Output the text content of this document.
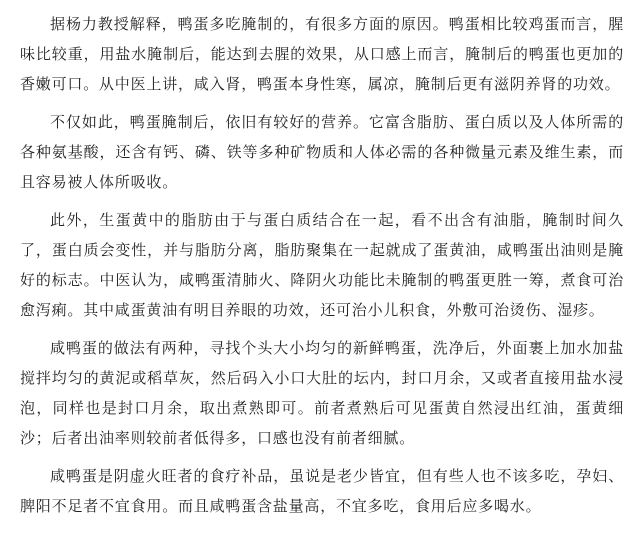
据杨力教授解释，鸭蛋多吃腌制的，有很多方面的原因。鸭蛋相比较鸡蛋而言，腥味比较重，用盐水腌制后，能达到去腥的效果，从口感上而言，腌制后的鸭蛋也更加的香嫩可口。从中医上讲，咸入肾，鸭蛋本身性寒，属凉，腌制后更有滋阴养肾的功效。

不仅如此，鸭蛋腌制后，依旧有较好的营养。它富含脂肪、蛋白质以及人体所需的各种氨基酸，还含有钙、磷、铁等多种矿物质和人体必需的各种微量元素及维生素，而且容易被人体所吸收。

此外，生蛋黄中的脂肪由于与蛋白质结合在一起，看不出含有油脂，腌制时间久了，蛋白质会变性，并与脂肪分离，脂肪聚集在一起就成了蛋黄油，咸鸭蛋出油则是腌好的标志。中医认为，咸鸭蛋清肺火、降阴火功能比未腌制的鸭蛋更胜一筹，煮食可治愈泻痢。其中咸蛋黄油有明目养眼的功效，还可治小儿积食，外敷可治烫伤、湿疹。

咸鸭蛋的做法有两种，寻找个头大小均匀的新鲜鸭蛋，洗净后，外面裹上加水加盐搅拌均匀的黄泥或稻草灰，然后码入小口大肚的坛内，封口月余，又或者直接用盐水浸泡，同样也是封口月余，取出煮熟即可。前者煮熟后可见蛋黄自然浸出红油，蛋黄细沙；后者出油率则较前者低得多，口感也没有前者细腻。

咸鸭蛋是阴虚火旺者的食疗补品，虽说是老少皆宜，但有些人也不该多吃，孕妇、脾阳不足者不宜食用。而且咸鸭蛋含盐量高，不宜多吃，食用后应多喝水。
